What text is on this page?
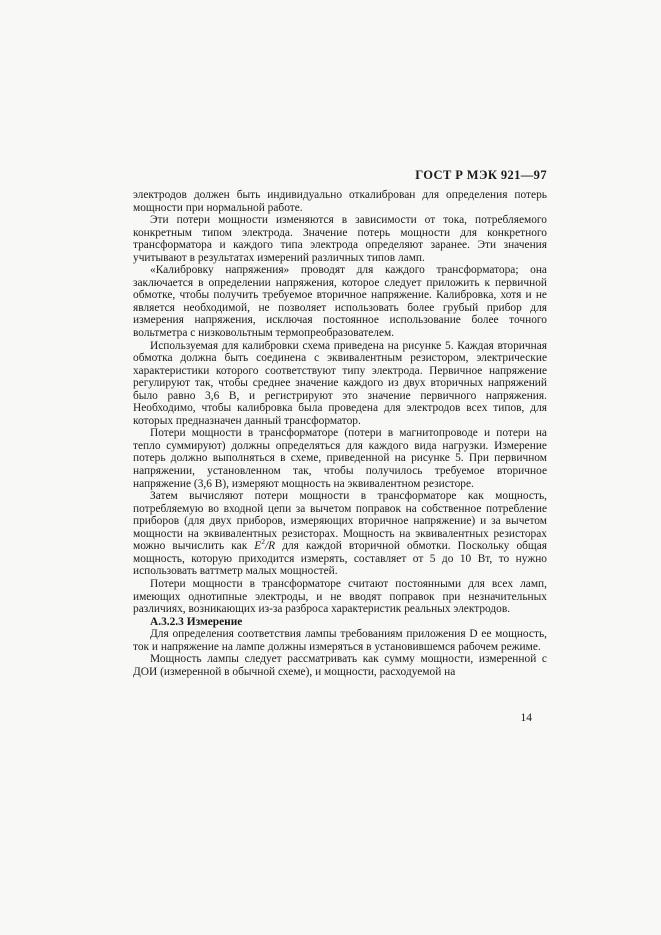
ГОСТ Р МЭК 921—97

электродов должен быть индивидуально откалиброван для определения потерь мощности при нормальной работе.

Эти потери мощности изменяются в зависимости от тока, потребляемого конкретным типом электрода. Значение потерь мощности для конкретного трансформатора и каждого типа электрода определяют заранее. Эти значения учитывают в результатах измерений различных типов ламп.

«Калибровку напряжения» проводят для каждого трансформатора; она заключается в определении напряжения, которое следует приложить к первичной обмотке, чтобы получить требуемое вторичное напряжение. Калибровка, хотя и не является необходимой, не позволяет использовать более грубый прибор для измерения напряжения, исключая постоянное использование более точного вольтметра с низковольтным термопреобразователем.

Используемая для калибровки схема приведена на рисунке 5. Каждая вторичная обмотка должна быть соединена с эквивалентным резистором, электрические характеристики которого соответствуют типу электрода. Первичное напряжение регулируют так, чтобы среднее значение каждого из двух вторичных напряжений было равно 3,6 В, и регистрируют это значение первичного напряжения. Необходимо, чтобы калибровка была проведена для электродов всех типов, для которых предназначен данный трансформатор.

Потери мощности в трансформаторе (потери в магнитопроводе и потери на тепло суммируют) должны определяться для каждого вида нагрузки. Измерение потерь должно выполняться в схеме, приведенной на рисунке 5. При первичном напряжении, установленном так, чтобы получилось требуемое вторичное напряжение (3,6 В), измеряют мощность на эквивалентном резисторе.

Затем вычисляют потери мощности в трансформаторе как мощность, потребляемую во входной цепи за вычетом поправок на собственное потребление приборов (для двух приборов, измеряющих вторичное напряжение) и за вычетом мощности на эквивалентных резисторах. Мощность на эквивалентных резисторах можно вычислить как $E^2/R$ для каждой вторичной обмотки. Поскольку общая мощность, которую приходится измерять, составляет от 5 до 10 Вт, то нужно использовать ваттметр малых мощностей.

Потери мощности в трансформаторе считают постоянными для всех ламп, имеющих однотипные электроды, и не вводят поправок при незначительных различиях, возникающих из-за разброса характеристик реальных электродов.

А.3.2.3 Измерение

Для определения соответствия лампы требованиям приложения D ее мощность, ток и напряжение на лампе должны измеряться в установившемся рабочем режиме.

Мощность лампы следует рассматривать как сумму мощности, измеренной с ДОИ (измеренной в обычной схеме), и мощности, расходуемой на

14
